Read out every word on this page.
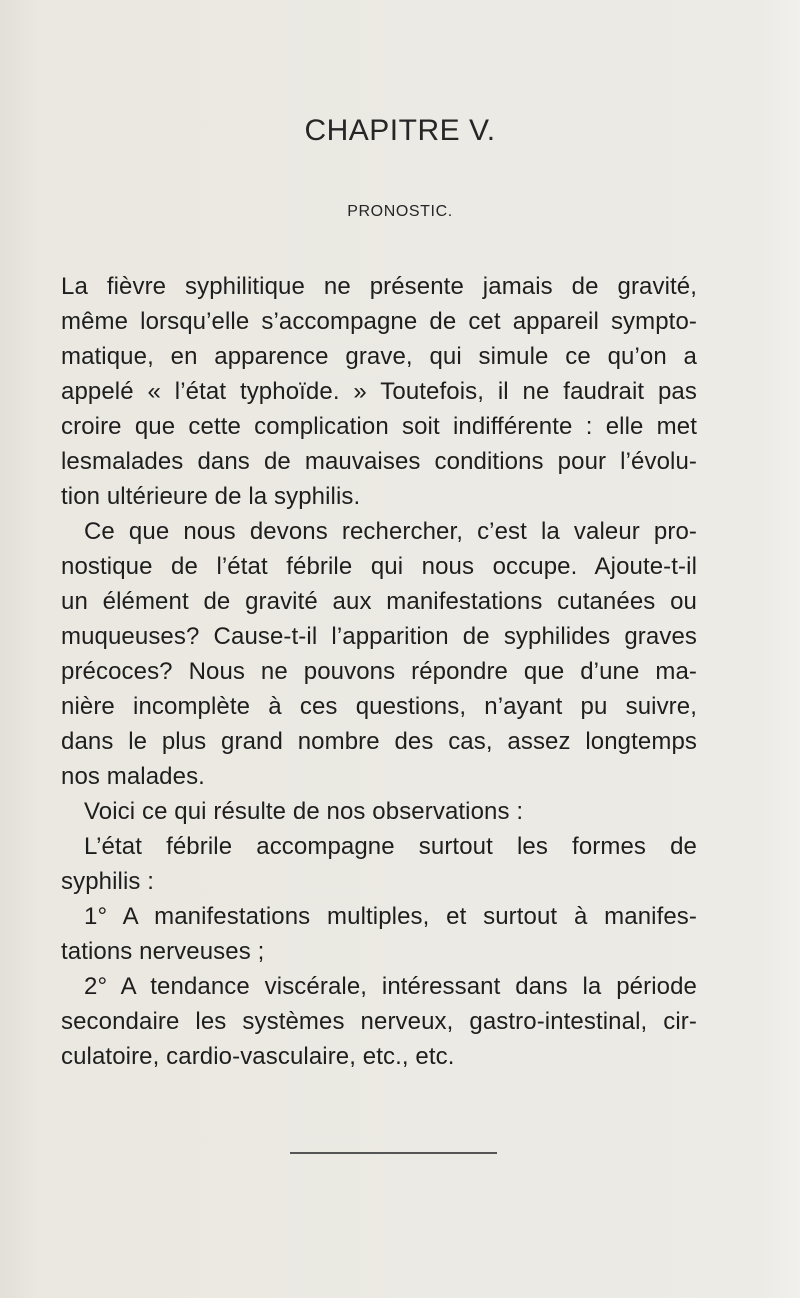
CHAPITRE V.
PRONOSTIC.
La fièvre syphilitique ne présente jamais de gravité,
même lorsqu’elle s’accompagne de cet appareil sympto-
matique, en apparence grave, qui simule ce qu’on a
appelé « l’état typhoïde. » Toutefois, il ne faudrait pas
croire que cette complication soit indifférente : elle met
lesmalades dans de mauvaises conditions pour l’évolu-
tion ultérieure de la syphilis.
Ce que nous devons rechercher, c’est la valeur pro-
nostique de l’état fébrile qui nous occupe. Ajoute-t-il
un élément de gravité aux manifestations cutanées ou
muqueuses? Cause-t-il l’apparition de syphilides graves
précoces? Nous ne pouvons répondre que d’une ma-
nière incomplète à ces questions, n’ayant pu suivre,
dans le plus grand nombre des cas, assez longtemps
nos malades.
Voici ce qui résulte de nos observations :
L’état fébrile accompagne surtout les formes de
syphilis :
1° A manifestations multiples, et surtout à manifes-
tations nerveuses ;
2° A tendance viscérale, intéressant dans la période
secondaire les systèmes nerveux, gastro-intestinal, cir-
culatoire, cardio-vasculaire, etc., etc.
